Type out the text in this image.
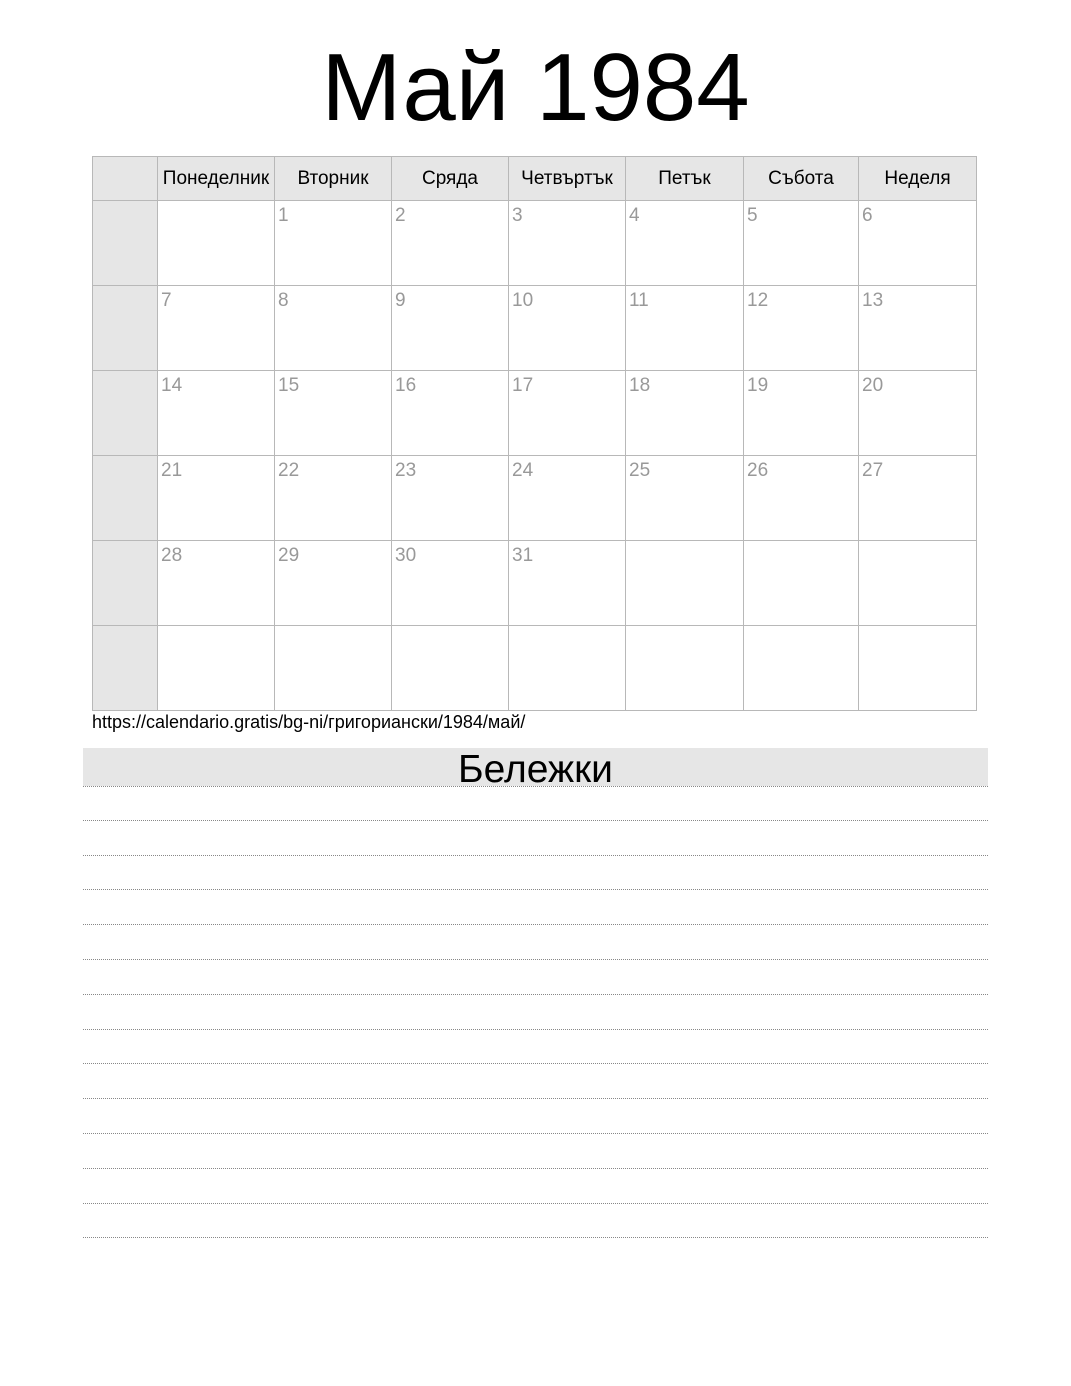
Май 1984
	Понеделник	Вторник	Сряда	Четвъртък	Петък	Събота	Неделя

		1	2	3	4	5	6

	7	8	9	10	11	12	13

	14	15	16	17	18	19	20

	21	22	23	24	25	26	27

	28	29	30	31			

https://calendario.gratis/bg-ni/григориански/1984/май/
Бележки
